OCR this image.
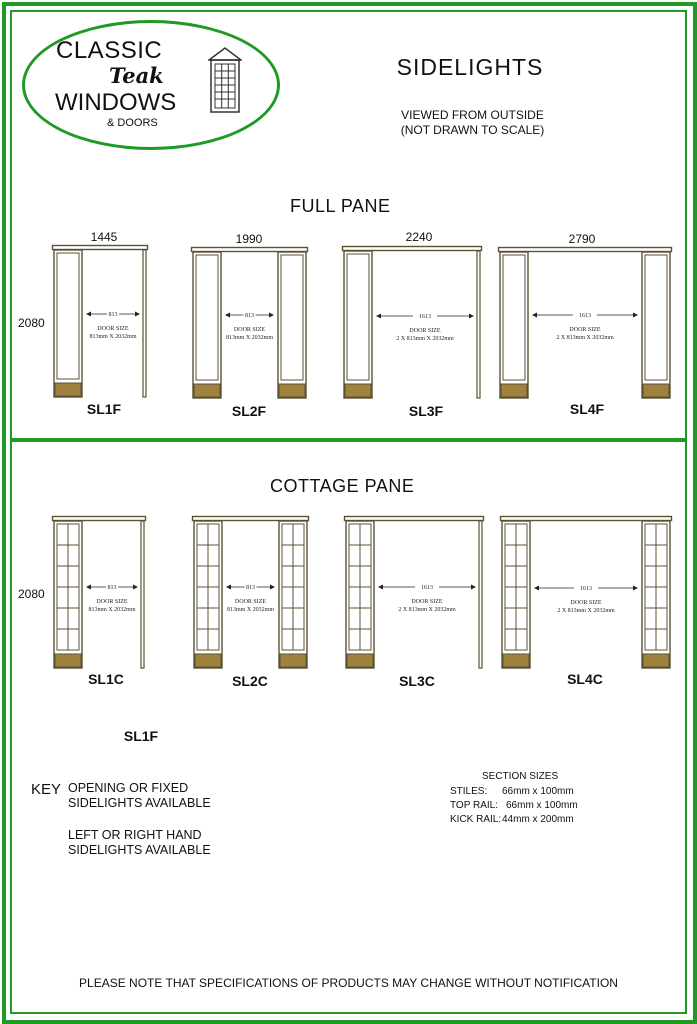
CLASSIC
Teak
WINDOWS
& DOORS
SIDELIGHTS
VIEWED FROM OUTSIDE
(NOT DRAWN TO SCALE)
FULL PANE
2080
1445	1990	2240	2790
813
DOOR SIZE
813mm X 2032mm
813
DOOR SIZE
813mm X 2032mm
1613
DOOR SIZE
2 X 813mm X 2032mm
1613
DOOR SIZE
2 X 813mm X 2032mm
SL1F	SL2F	SL3F	SL4F
COTTAGE PANE
2080	813
DOOR SIZE
813mm X 2032mm
813
DOOR SIZE
813mm X 2032mm
1613
DOOR SIZE
2 X 813mm X 2032mm
1613
DOOR SIZE
2 X 813mm X 2032mm
SL1C	SL2C	SL3C	SL4C
SL1F
KEY OPENING OR FIXED
SIDELIGHTS AVAILABLE
LEFT OR RIGHT HAND
SIDELIGHTS AVAILABLE
SECTION SIZES
STILES: 66mm x 100mm
TOP RAIL: 66mm x 100mm
KICK RAIL:44mm x 200mm
PLEASE NOTE THAT SPECIFICATIONS OF PRODUCTS MAY CHANGE WITHOUT NOTIFICATION
